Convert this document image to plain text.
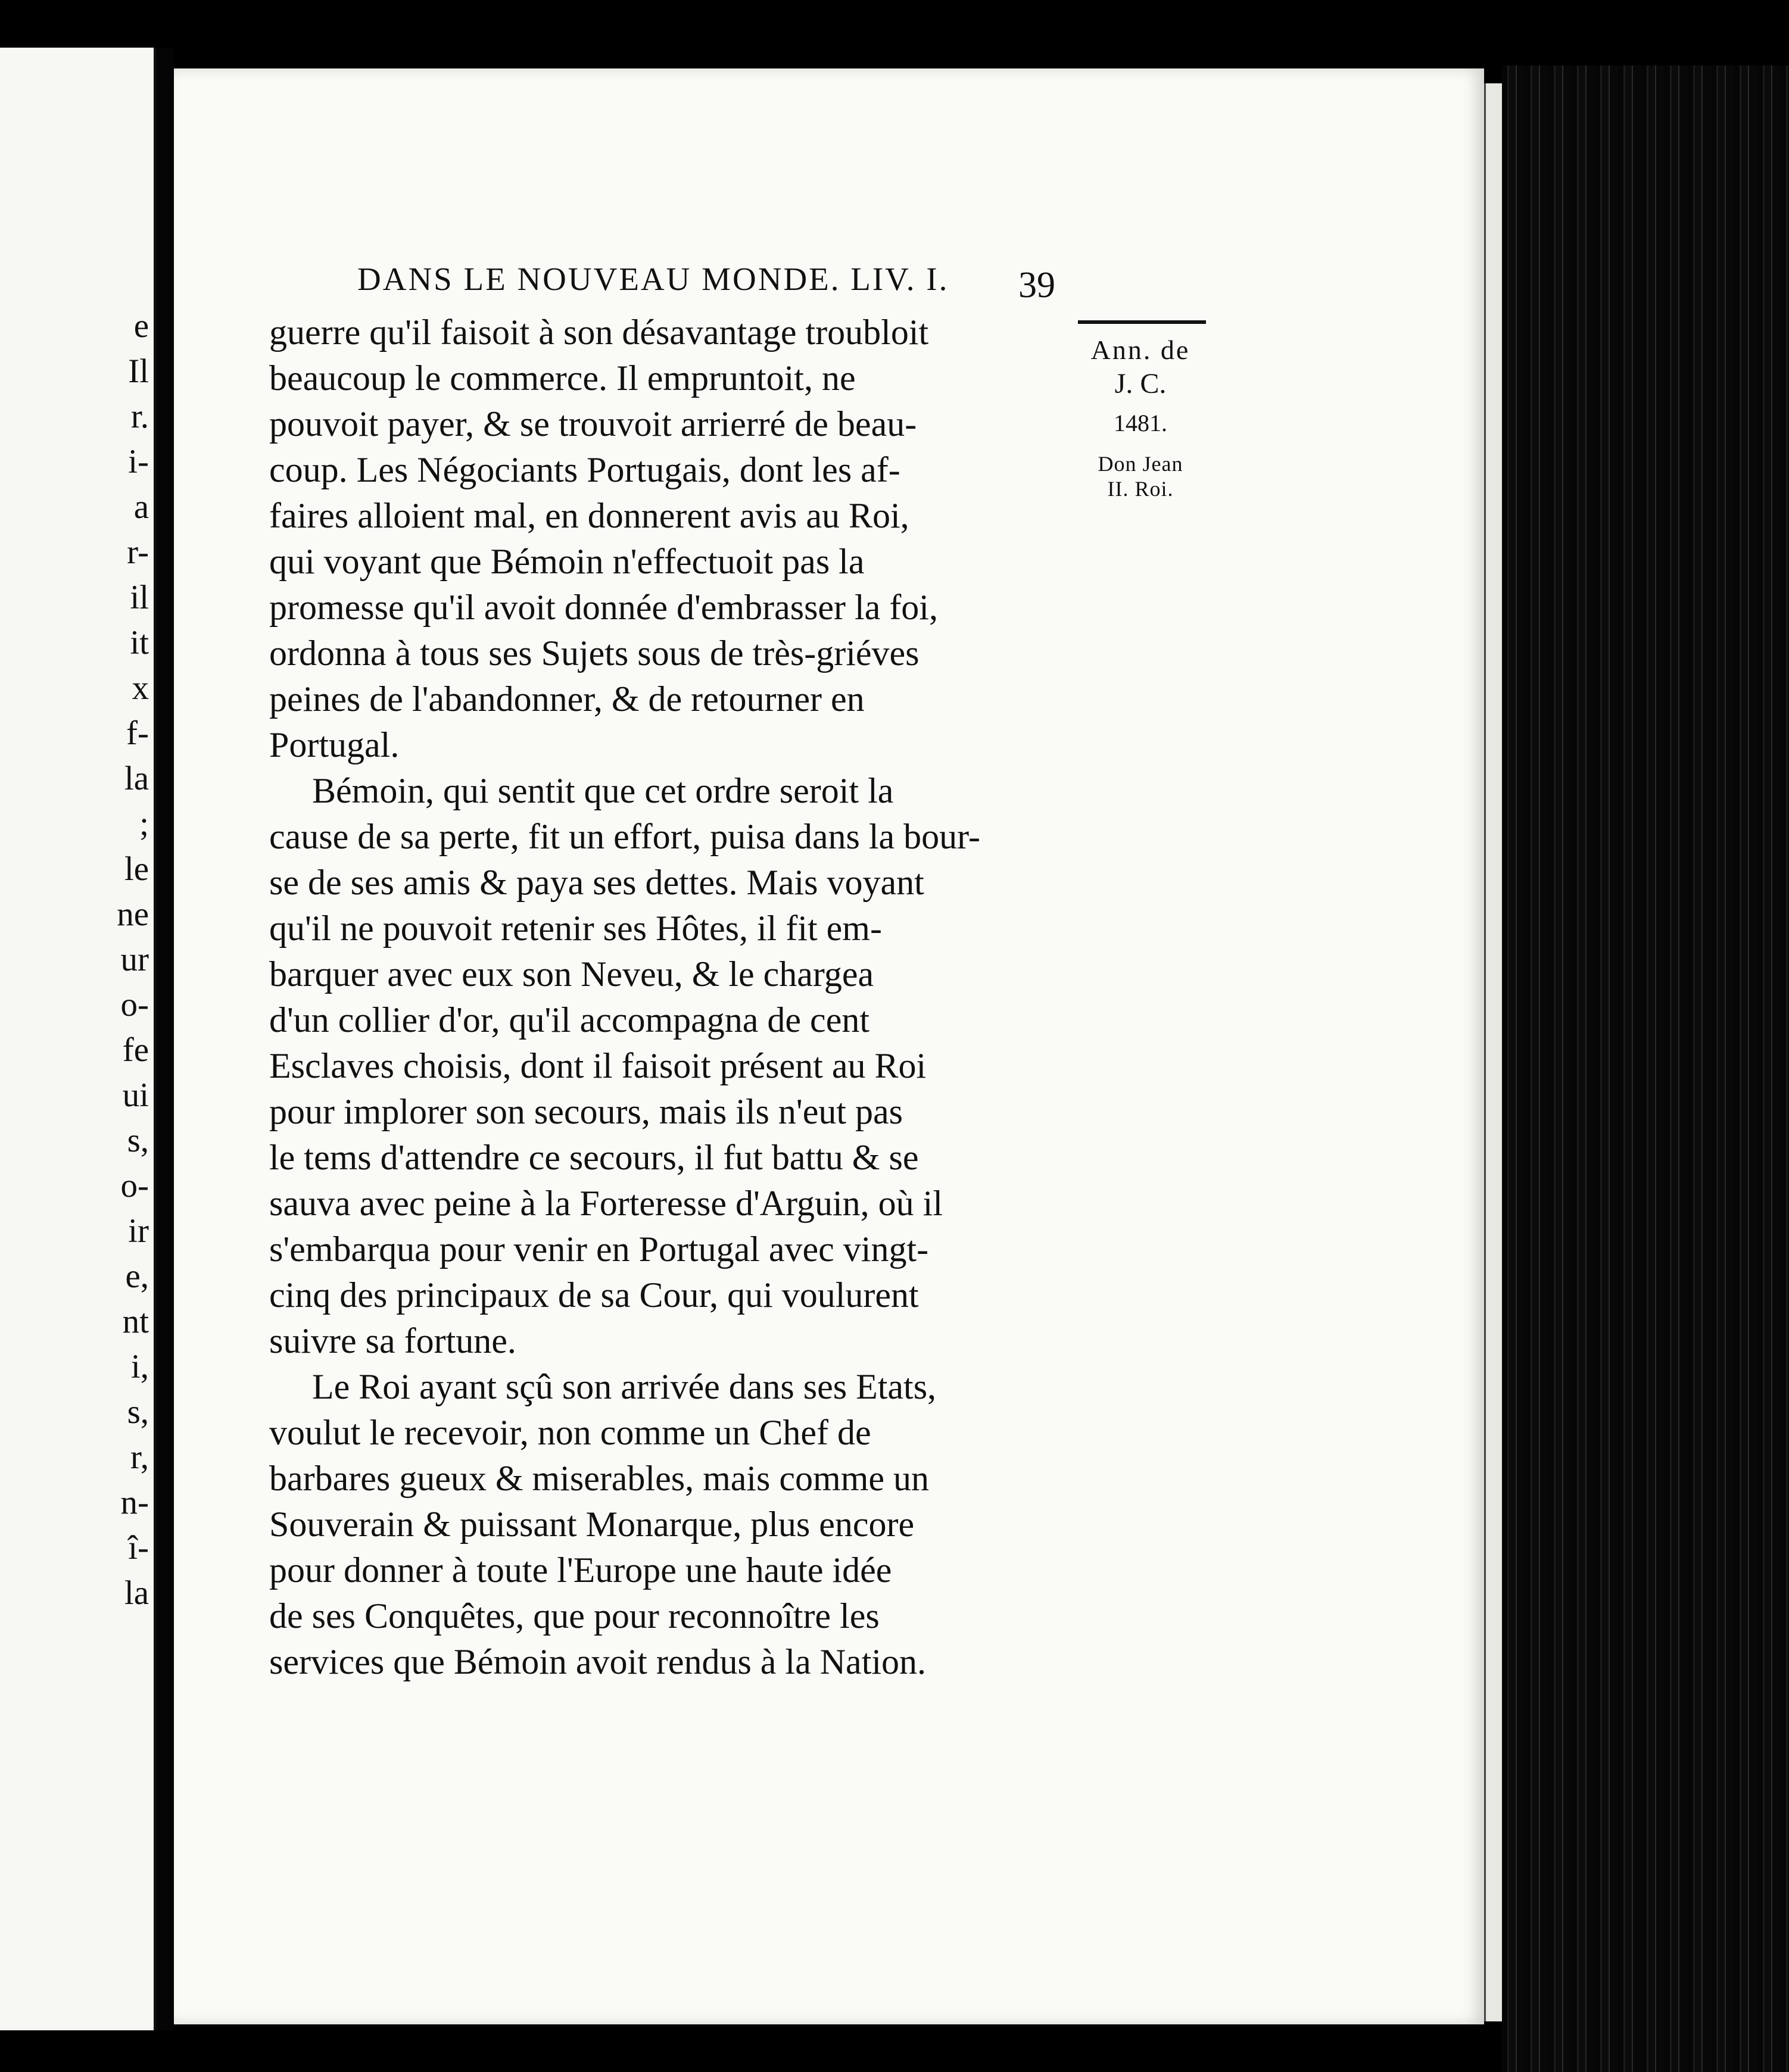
e
Il
r.
i-
a
r-
il
it
x
f-
la
;
le
ne
ur
o-
fe
ui
s,
o-
ir
e,
nt
i,
s,
r,
n-
î-
la
DANS LE NOUVEAU MONDE. LIV. I. 39
Ann. de
J. C.
1481.
Don Jean
II. Roi.
guerre qu'il faisoit à son désavantage troubloit
beaucoup le commerce. Il empruntoit, ne
pouvoit payer, & se trouvoit arrierré de beau-
coup. Les Négociants Portugais, dont les af-
faires alloient mal, en donnerent avis au Roi,
qui voyant que Bémoin n'effectuoit pas la
promesse qu'il avoit donnée d'embrasser la foi,
ordonna à tous ses Sujets sous de très-griéves
peines de l'abandonner, & de retourner en
Portugal.
Bémoin, qui sentit que cet ordre seroit la
cause de sa perte, fit un effort, puisa dans la bour-
se de ses amis & paya ses dettes. Mais voyant
qu'il ne pouvoit retenir ses Hôtes, il fit em-
barquer avec eux son Neveu, & le chargea
d'un collier d'or, qu'il accompagna de cent
Esclaves choisis, dont il faisoit présent au Roi
pour implorer son secours, mais ils n'eut pas
le tems d'attendre ce secours, il fut battu & se
sauva avec peine à la Forteresse d'Arguin, où il
s'embarqua pour venir en Portugal avec vingt-
cinq des principaux de sa Cour, qui voulurent
suivre sa fortune.
Le Roi ayant sçû son arrivée dans ses Etats,
voulut le recevoir, non comme un Chef de
barbares gueux & miserables, mais comme un
Souverain & puissant Monarque, plus encore
pour donner à toute l'Europe une haute idée
de ses Conquêtes, que pour reconnoître les
services que Bémoin avoit rendus à la Nation.
